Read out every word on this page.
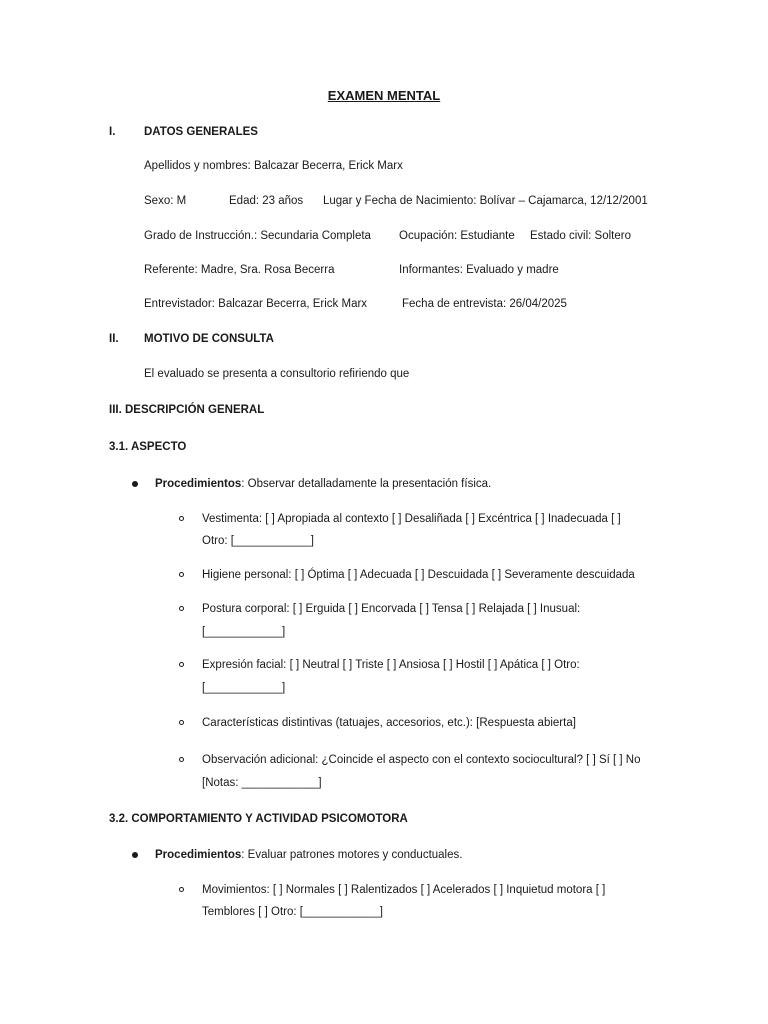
EXAMEN MENTAL
I. DATOS GENERALES
Apellidos y nombres: Balcazar Becerra, Erick Marx
Sexo: M	Edad: 23 años Lugar y Fecha de Nacimiento: Bolívar – Cajamarca, 12/12/2001
Grado de Instrucción.: Secundaria Completa Ocupación: Estudiante Estado civil: Soltero
Referente: Madre, Sra. Rosa Becerra	Informantes: Evaluado y madre
Entrevistador: Balcazar Becerra, Erick Marx	Fecha de entrevista: 26/04/2025
II. MOTIVO DE CONSULTA
El evaluado se presenta a consultorio refiriendo que
III. DESCRIPCIÓN GENERAL
3.1. ASPECTO
Procedimientos: Observar detalladamente la presentación física.
Vestimenta: [ ] Apropiada al contexto [ ] Desaliñada [ ] Excéntrica [ ] Inadecuada [ ]
Otro: [____________]
Higiene personal: [ ] Óptima [ ] Adecuada [ ] Descuidada [ ] Severamente descuidada
Postura corporal: [ ] Erguida [ ] Encorvada [ ] Tensa [ ] Relajada [ ] Inusual:
[____________]
Expresión facial: [ ] Neutral [ ] Triste [ ] Ansiosa [ ] Hostil [ ] Apática [ ] Otro:
[____________]
Características distintivas (tatuajes, accesorios, etc.): [Respuesta abierta]
Observación adicional: ¿Coincide el aspecto con el contexto sociocultural? [ ] Sí [ ] No
[Notas: ____________]
3.2. COMPORTAMIENTO Y ACTIVIDAD PSICOMOTORA
Procedimientos: Evaluar patrones motores y conductuales.
Movimientos: [ ] Normales [ ] Ralentizados [ ] Acelerados [ ] Inquietud motora [ ]
Temblores [ ] Otro: [____________]
